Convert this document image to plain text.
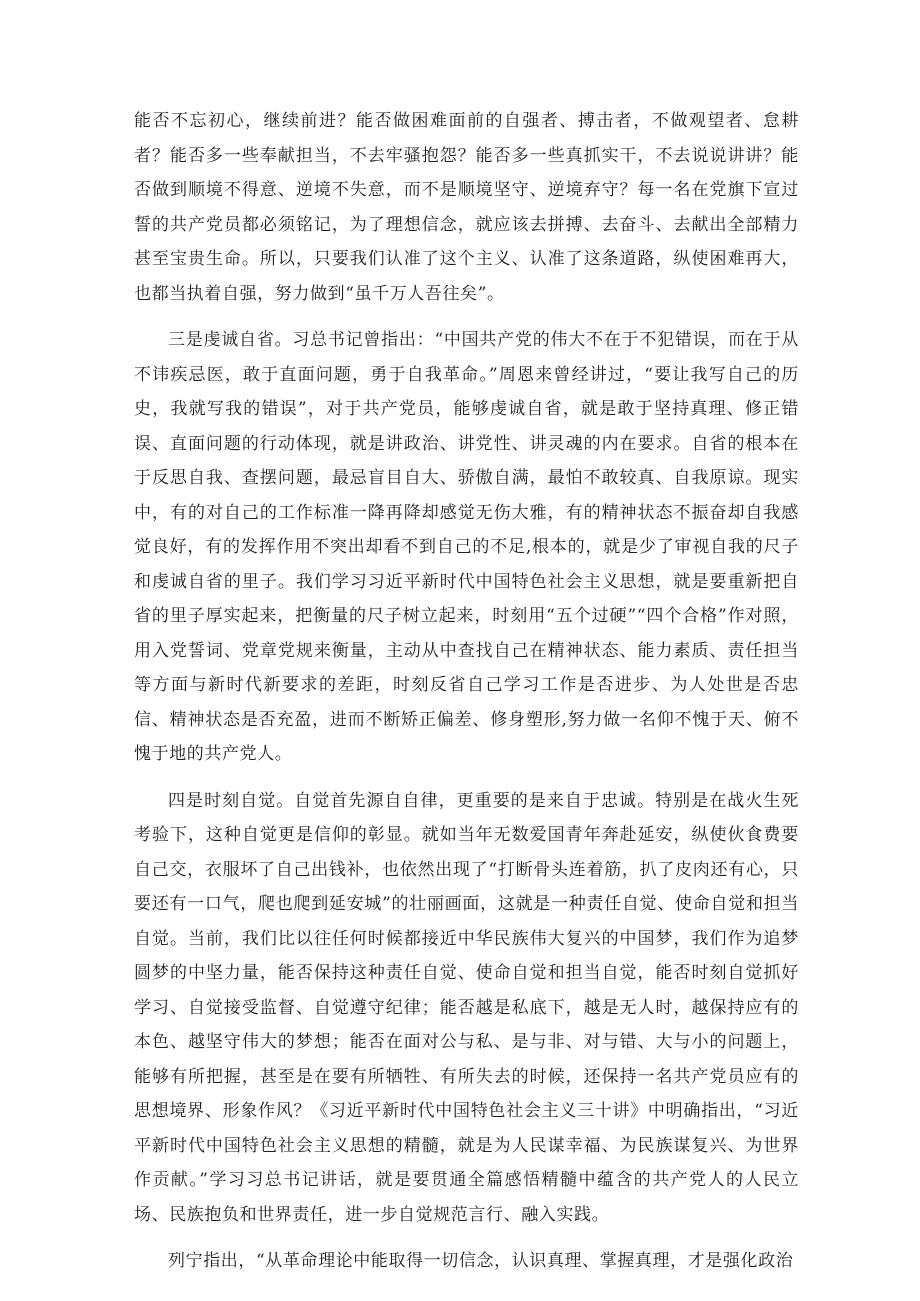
能否不忘初心，继续前进？能否做困难面前的自强者、搏击者，不做观望者、怠耕者？能否多一些奉献担当，不去牢骚抱怨？能否多一些真抓实干，不去说说讲讲？能否做到顺境不得意、逆境不失意，而不是顺境坚守、逆境弃守？每一名在党旗下宣过誓的共产党员都必须铭记，为了理想信念，就应该去拼搏、去奋斗、去献出全部精力甚至宝贵生命。所以，只要我们认准了这个主义、认准了这条道路，纵使困难再大，也都当执着自强，努力做到“虽千万人吾往矣”。

三是虔诚自省。习总书记曾指出：“中国共产党的伟大不在于不犯错误，而在于从不讳疾忌医，敢于直面问题，勇于自我革命。”周恩来曾经讲过，“要让我写自己的历史，我就写我的错误”，对于共产党员，能够虔诚自省，就是敢于坚持真理、修正错误、直面问题的行动体现，就是讲政治、讲党性、讲灵魂的内在要求。自省的根本在于反思自我、查摆问题，最忌盲目自大、骄傲自满，最怕不敢较真、自我原谅。现实中，有的对自己的工作标准一降再降却感觉无伤大雅，有的精神状态不振奋却自我感觉良好，有的发挥作用不突出却看不到自己的不足,根本的，就是少了审视自我的尺子和虔诚自省的里子。我们学习习近平新时代中国特色社会主义思想，就是要重新把自省的里子厚实起来，把衡量的尺子树立起来，时刻用“五个过硬”“四个合格”作对照，用入党誓词、党章党规来衡量，主动从中查找自己在精神状态、能力素质、责任担当等方面与新时代新要求的差距，时刻反省自己学习工作是否进步、为人处世是否忠信、精神状态是否充盈，进而不断矫正偏差、修身塑形,努力做一名仰不愧于天、俯不愧于地的共产党人。

四是时刻自觉。自觉首先源自自律，更重要的是来自于忠诚。特别是在战火生死考验下，这种自觉更是信仰的彰显。就如当年无数爱国青年奔赴延安，纵使伙食费要自己交，衣服坏了自己出钱补，也依然出现了“打断骨头连着筋，扒了皮肉还有心，只要还有一口气，爬也爬到延安城”的壮丽画面，这就是一种责任自觉、使命自觉和担当自觉。当前，我们比以往任何时候都接近中华民族伟大复兴的中国梦，我们作为追梦圆梦的中坚力量，能否保持这种责任自觉、使命自觉和担当自觉，能否时刻自觉抓好学习、自觉接受监督、自觉遵守纪律；能否越是私底下，越是无人时，越保持应有的本色、越坚守伟大的梦想；能否在面对公与私、是与非、对与错、大与小的问题上，能够有所把握，甚至是在要有所牺牲、有所失去的时候，还保持一名共产党员应有的思想境界、形象作风？《习近平新时代中国特色社会主义三十讲》中明确指出，“习近平新时代中国特色社会主义思想的精髓，就是为人民谋幸福、为民族谋复兴、为世界作贡献。”学习习总书记讲话，就是要贯通全篇感悟精髓中蕴含的共产党人的人民立场、民族抱负和世界责任，进一步自觉规范言行、融入实践。

列宁指出，“从革命理论中能取得一切信念，认识真理、掌握真理，才是强化政治
